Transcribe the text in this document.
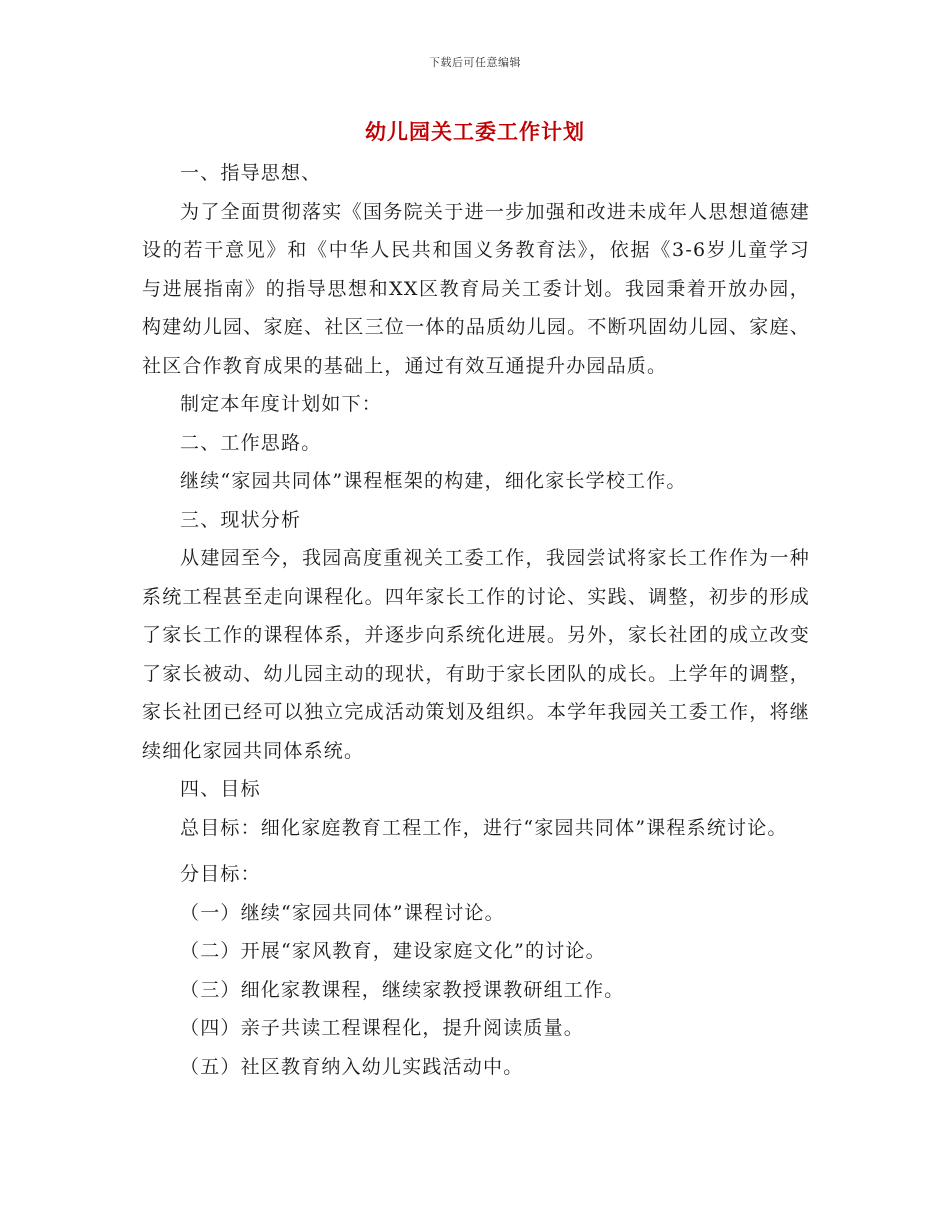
下载后可任意编辑
幼儿园关工委工作计划

一、指导思想、

为了全面贯彻落实《国务院关于进一步加强和改进未成年人思想道德建设的若干意见》和《中华人民共和国义务教育法》，依据《3-6岁儿童学习与进展指南》的指导思想和XX区教育局关工委计划。我园秉着开放办园，构建幼儿园、家庭、社区三位一体的品质幼儿园。不断巩固幼儿园、家庭、社区合作教育成果的基础上，通过有效互通提升办园品质。

制定本年度计划如下：

二、工作思路。

继续“家园共同体”课程框架的构建，细化家长学校工作。

三、现状分析

从建园至今，我园高度重视关工委工作，我园尝试将家长工作作为一种系统工程甚至走向课程化。四年家长工作的讨论、实践、调整，初步的形成了家长工作的课程体系，并逐步向系统化进展。另外，家长社团的成立改变了家长被动、幼儿园主动的现状，有助于家长团队的成长。上学年的调整，家长社团已经可以独立完成活动策划及组织。本学年我园关工委工作，将继续细化家园共同体系统。

四、目标

总目标：细化家庭教育工程工作，进行“家园共同体”课程系统讨论。

分目标：

（一）继续“家园共同体”课程讨论。

（二）开展“家风教育，建设家庭文化”的讨论。

（三）细化家教课程，继续家教授课教研组工作。

（四）亲子共读工程课程化，提升阅读质量。

（五）社区教育纳入幼儿实践活动中。
